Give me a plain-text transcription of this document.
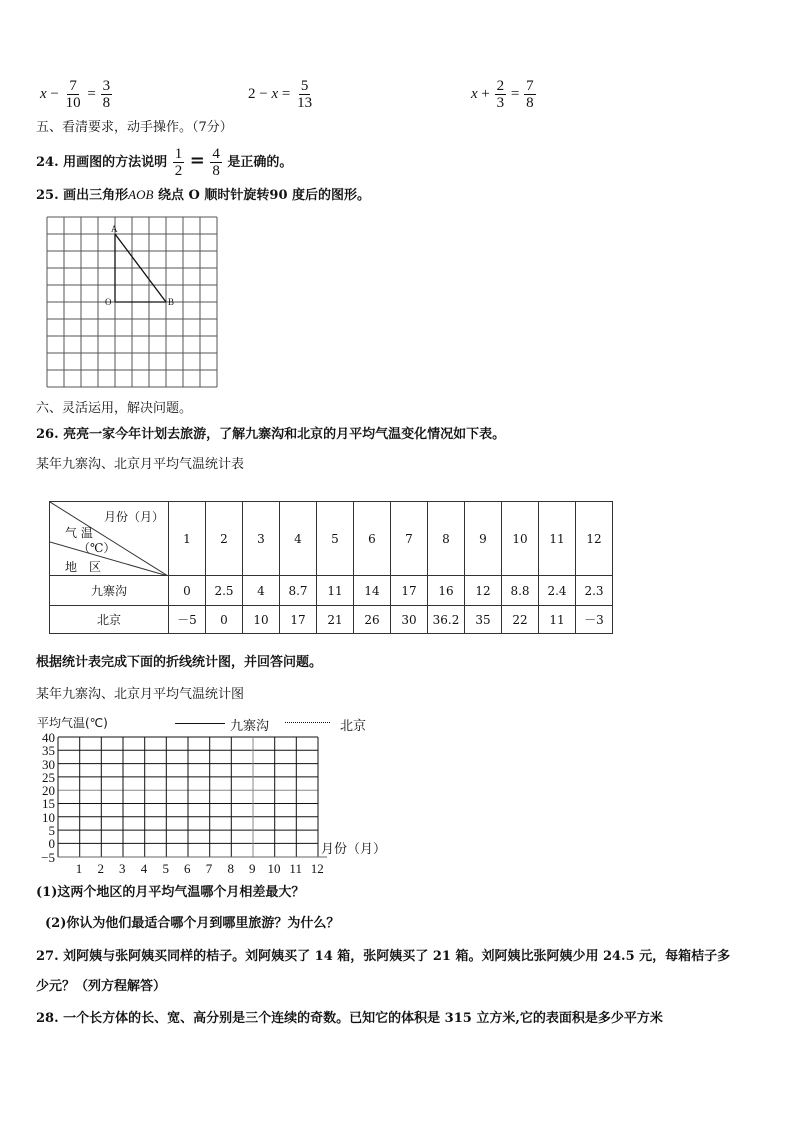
$x - \frac{7}{10} = \frac{3}{8}$	$2 - x = \frac{5}{13}$	$x + \frac{2}{3} = \frac{7}{8}$
五、看清要求，动手操作。（7分）
24. 用画图的方法说明 $\frac{1}{2} = \frac{4}{8}$ 是正确的。
25. 画出三角形AOB 绕点 O 顺时针旋转90 度后的图形。
A
O	B
六、灵活运用，解决问题。
26. 亮亮一家今年计划去旅游，了解九寨沟和北京的月平均气温变化情况如下表。
某年九寨沟、北京月平均气温统计表
月份（月）
气 温
（℃）
地　区	1	2	3	4	5	6	7	8	9	10	11	12
九寨沟	0	2.5	4	8.7	11	14	17	16	12	8.8	2.4	2.3
北京	－5	0	10	17	21	26	30	36.2	35	22	11	－3
根据统计表完成下面的折线统计图，并回答问题。
某年九寨沟、北京月平均气温统计图
平均气温(℃)	九寨沟	北京
40
35
30
25
20
15
10
5
0
−5
月份（月）
1	2	3	4	5	6	7	8	9 10 11 12
(1)这两个地区的月平均气温哪个月相差最大？
(2)你认为他们最适合哪个月到哪里旅游？为什么？
27. 刘阿姨与张阿姨买同样的桔子。刘阿姨买了 14 箱，张阿姨买了 21 箱。刘阿姨比张阿姨少用 24.5 元，每箱桔子多
少元？（列方程解答）
28. 一个长方体的长、宽、高分别是三个连续的奇数。已知它的体积是 315 立方米,它的表面积是多少平方米
